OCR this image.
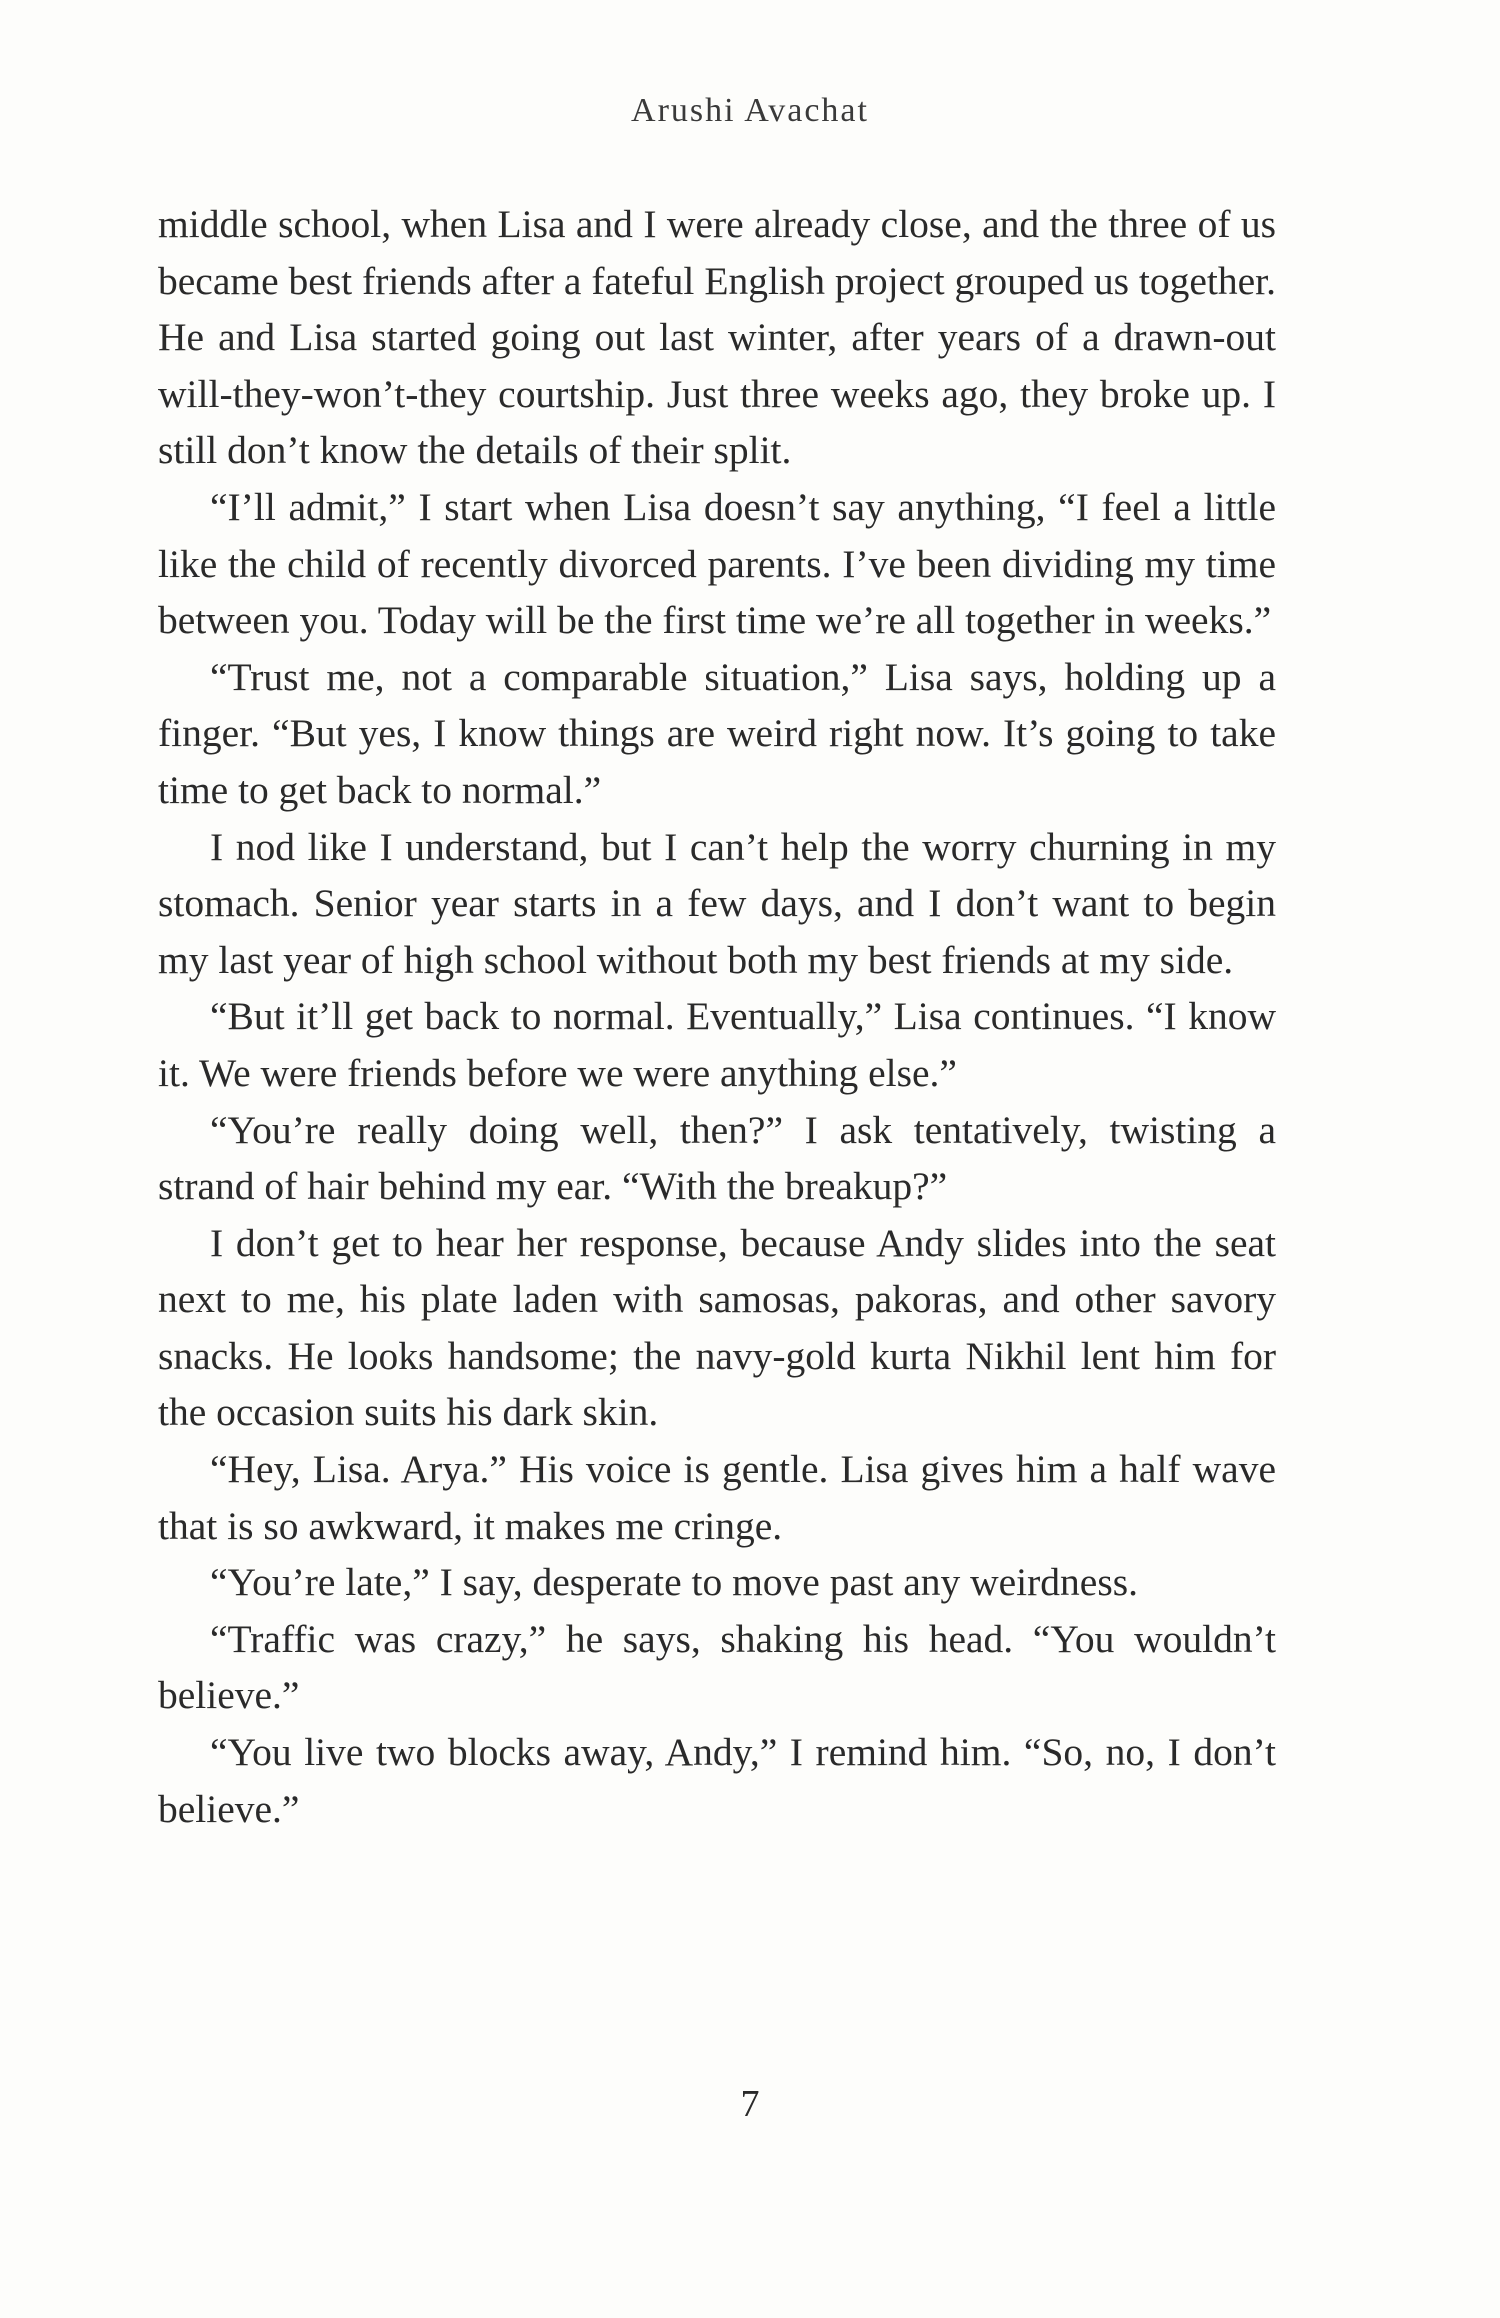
Arushi Avachat

middle school, when Lisa and I were already close, and the three of us became best friends after a fateful English project grouped us together. He and Lisa started going out last winter, after years of a drawn-out will-they-won’t-they courtship. Just three weeks ago, they broke up. I still don’t know the details of their split.

“I’ll admit,” I start when Lisa doesn’t say anything, “I feel a little like the child of recently divorced parents. I’ve been dividing my time between you. Today will be the first time we’re all together in weeks.”

“Trust me, not a comparable situation,” Lisa says, holding up a finger. “But yes, I know things are weird right now. It’s going to take time to get back to normal.”

I nod like I understand, but I can’t help the worry churning in my stomach. Senior year starts in a few days, and I don’t want to begin my last year of high school without both my best friends at my side.

“But it’ll get back to normal. Eventually,” Lisa continues. “I know it. We were friends before we were anything else.”

“You’re really doing well, then?” I ask tentatively, twisting a strand of hair behind my ear. “With the breakup?”

I don’t get to hear her response, because Andy slides into the seat next to me, his plate laden with samosas, pakoras, and other savory snacks. He looks handsome; the navy-gold kurta Nikhil lent him for the occasion suits his dark skin.

“Hey, Lisa. Arya.” His voice is gentle. Lisa gives him a half wave that is so awkward, it makes me cringe.

“You’re late,” I say, desperate to move past any weirdness.

“Traffic was crazy,” he says, shaking his head. “You wouldn’t believe.”

“You live two blocks away, Andy,” I remind him. “So, no, I don’t believe.”

7
